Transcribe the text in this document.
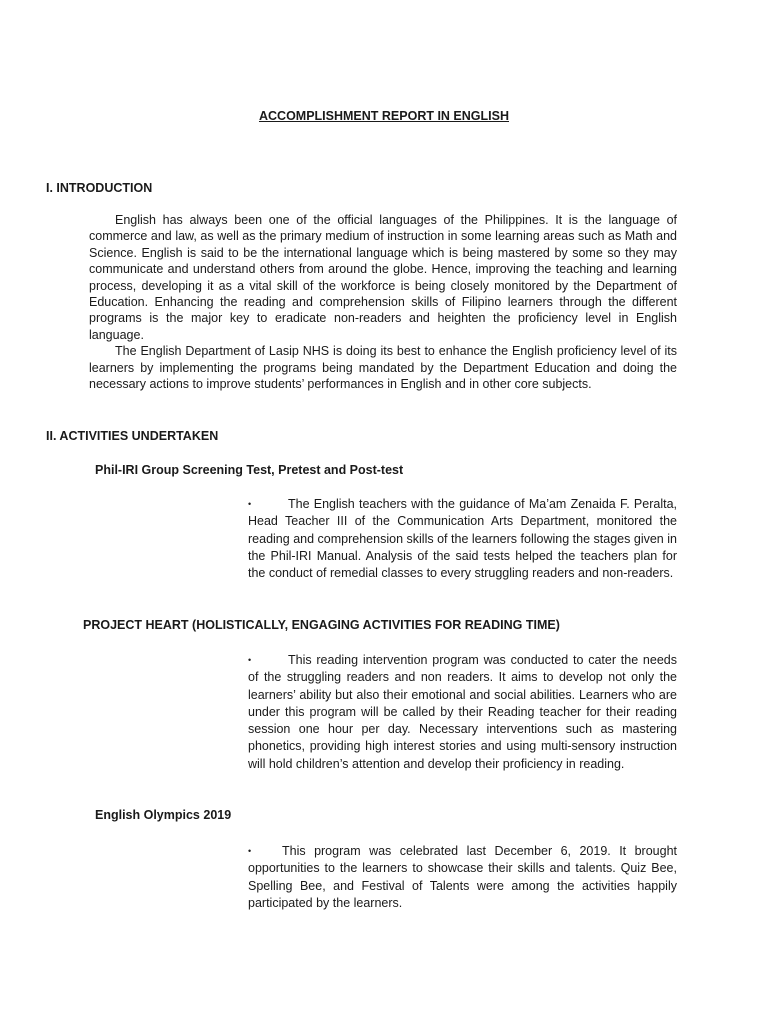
ACCOMPLISHMENT REPORT IN ENGLISH
I. INTRODUCTION

English has always been one of the official languages of the Philippines. It is the language of commerce and law, as well as the primary medium of instruction in some learning areas such as Math and Science. English is said to be the international language which is being mastered by some so they may communicate and understand others from around the globe. Hence, improving the teaching and learning process, developing it as a vital skill of the workforce is being closely monitored by the Department of Education. Enhancing the reading and comprehension skills of Filipino learners through the different programs is the major key to eradicate non-readers and heighten the proficiency level in English language.

The English Department of Lasip NHS is doing its best to enhance the English proficiency level of its learners by implementing the programs being mandated by the Department Education and doing the necessary actions to improve students’ performances in English and in other core subjects.

II. ACTIVITIES UNDERTAKEN
Phil-IRI Group Screening Test, Pretest and Post-test

•	The English teachers with the guidance of Ma’am Zenaida F. Peralta, Head Teacher III of the Communication Arts Department, monitored the reading and comprehension skills of the learners following the stages given in the Phil-IRI Manual. Analysis of the said tests helped the teachers plan for the conduct of remedial classes to every struggling readers and non-readers.

PROJECT HEART (HOLISTICALLY, ENGAGING ACTIVITIES FOR READING TIME)

•	This reading intervention program was conducted to cater the needs of the struggling readers and non readers. It aims to develop not only the learners’ ability but also their emotional and social abilities. Learners who are under this program will be called by their Reading teacher for their reading session one hour per day. Necessary interventions such as mastering phonetics, providing high interest stories and using multi-sensory instruction will hold children’s attention and develop their proficiency in reading.

English Olympics 2019

• This program was celebrated last December 6, 2019. It brought opportunities to the learners to showcase their skills and talents. Quiz Bee, Spelling Bee, and Festival of Talents were among the activities happily participated by the learners.
